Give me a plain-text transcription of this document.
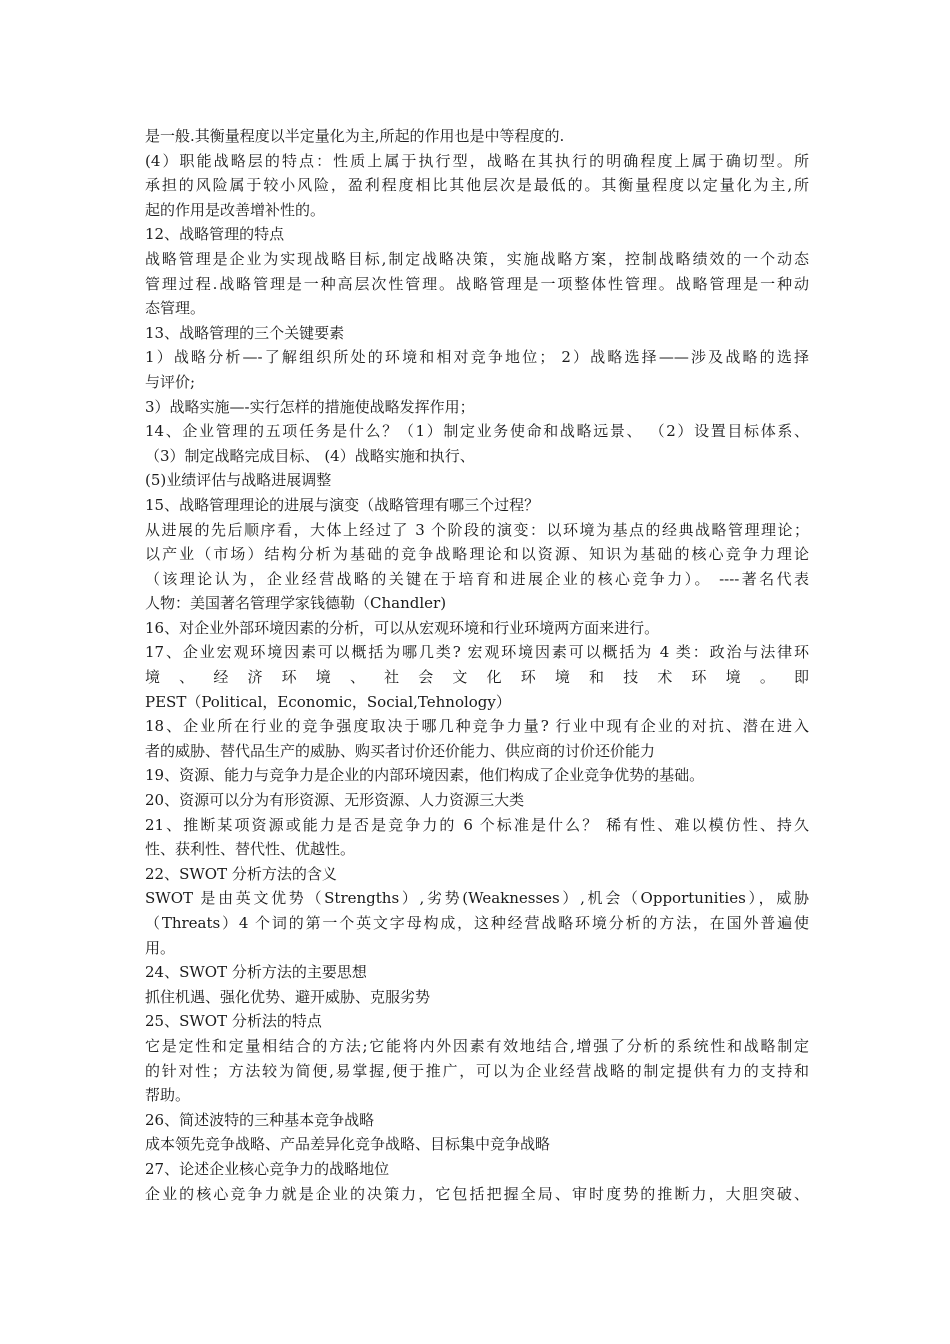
是一般.其衡量程度以半定量化为主,所起的作用也是中等程度的.
(4）职能战略层的特点：性质上属于执行型，战略在其执行的明确程度上属于确切型。所
承担的风险属于较小风险，盈利程度相比其他层次是最低的。其衡量程度以定量化为主,所
起的作用是改善增补性的。
12、战略管理的特点
战略管理是企业为实现战略目标,制定战略决策，实施战略方案，控制战略绩效的一个动态
管理过程.战略管理是一种高层次性管理。战略管理是一项整体性管理。战略管理是一种动
态管理。
13、战略管理的三个关键要素
1）战略分析—-了解组织所处的环境和相对竞争地位； 2）战略选择——涉及战略的选择
与评价;
3）战略实施—-实行怎样的措施使战略发挥作用；
14、企业管理的五项任务是什么？（1）制定业务使命和战略远景、 （2）设置目标体系、
（3）制定战略完成目标、 (4）战略实施和执行、
(5)业绩评估与战略进展调整
15、战略管理理论的进展与演变（战略管理有哪三个过程？
从进展的先后顺序看，大体上经过了 3 个阶段的演变：以环境为基点的经典战略管理理论；
以产业（市场）结构分析为基础的竞争战略理论和以资源、知识为基础的核心竞争力理论
（该理论认为，企业经营战略的关键在于培育和进展企业的核心竞争力）。 ----著名代表
人物：美国著名管理学家钱德勒（Chandler)
16、对企业外部环境因素的分析，可以从宏观环境和行业环境两方面来进行。
17、企业宏观环境因素可以概括为哪几类? 宏观环境因素可以概括为 4 类：政治与法律环
境 、 经 济 环 境 、 社 会 文 化 环 境 和 技 术 环 境 。 即
PEST（Political，Economic，Social,Tehnology）
18、企业所在行业的竞争强度取决于哪几种竞争力量? 行业中现有企业的对抗、潜在进入
者的威胁、替代品生产的威胁、购买者讨价还价能力、供应商的讨价还价能力
19、资源、能力与竞争力是企业的内部环境因素，他们构成了企业竞争优势的基础。
20、资源可以分为有形资源、无形资源、人力资源三大类
21、推断某项资源或能力是否是竞争力的 6 个标准是什么？ 稀有性、难以模仿性、持久
性、获利性、替代性、优越性。
22、SWOT 分析方法的含义
SWOT 是由英文优势（Strengths）,劣势(Weaknesses）,机会（Opportunities），威胁
（Threats）4 个词的第一个英文字母构成，这种经营战略环境分析的方法，在国外普遍使
用。
24、SWOT 分析方法的主要思想
抓住机遇、强化优势、避开威胁、克服劣势
25、SWOT 分析法的特点
它是定性和定量相结合的方法;它能将内外因素有效地结合,增强了分析的系统性和战略制定
的针对性；方法较为简便,易掌握,便于推广，可以为企业经营战略的制定提供有力的支持和
帮助。
26、简述波特的三种基本竞争战略
成本领先竞争战略、产品差异化竞争战略、目标集中竞争战略
27、论述企业核心竞争力的战略地位
企业的核心竞争力就是企业的决策力，它包括把握全局、审时度势的推断力，大胆突破、
